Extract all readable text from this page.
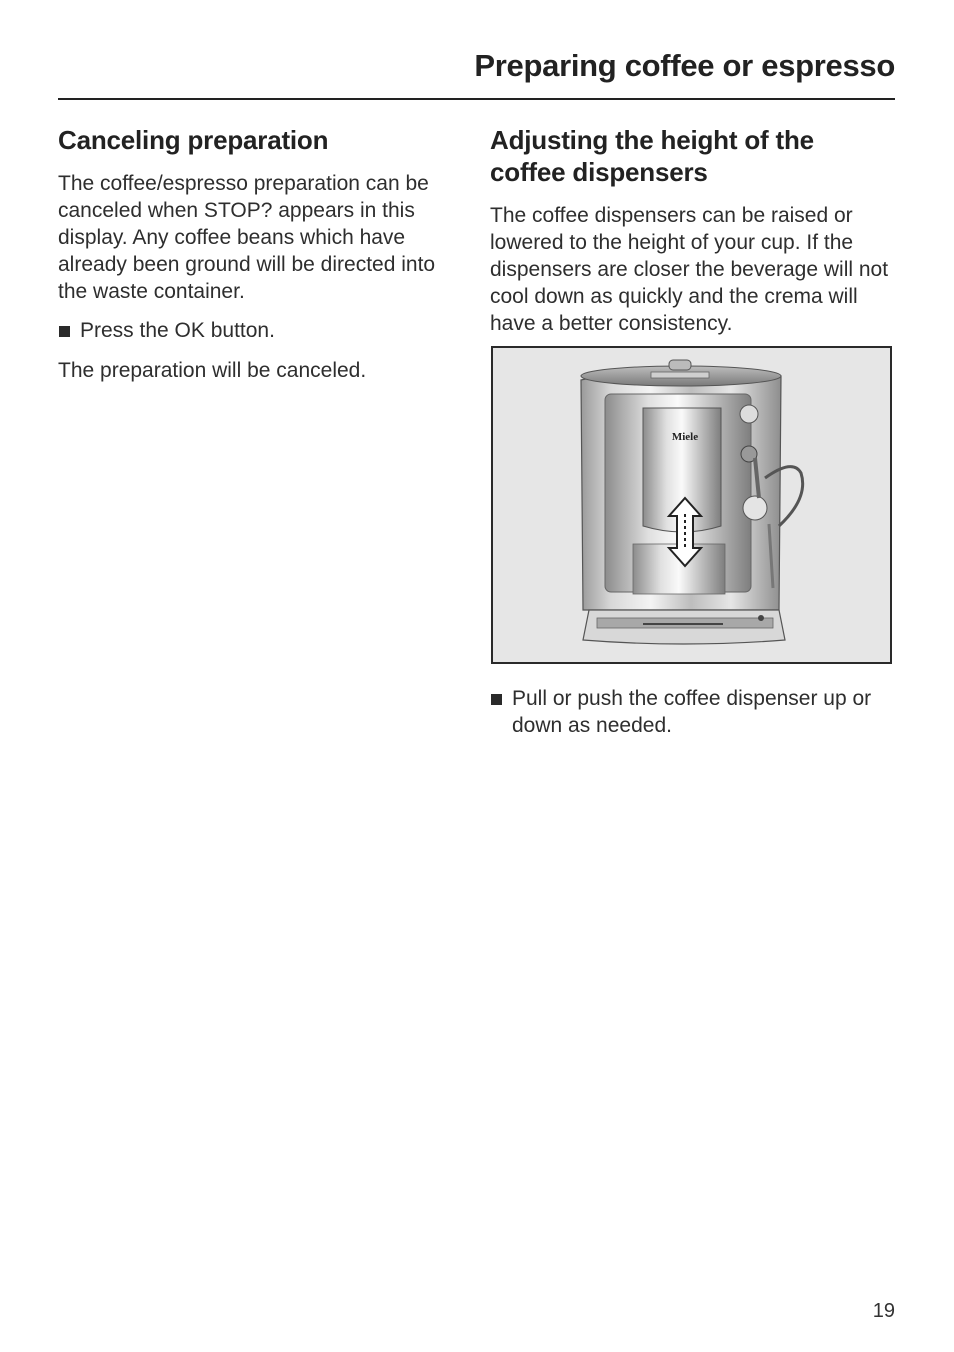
Preparing coffee or espresso
Canceling preparation

The coffee/espresso preparation can be canceled when STOP? appears in this display. Any coffee beans which have already been ground will be directed into the waste container.

Press the OK button.

The preparation will be canceled.

Adjusting the height of the
coffee dispensers

The coffee dispensers can be raised or lowered to the height of your cup. If the dispensers are closer the beverage will not cool down as quickly and the crema will have a better consistency.

Miele
Pull or push the coffee dispenser up or down as needed.
19
